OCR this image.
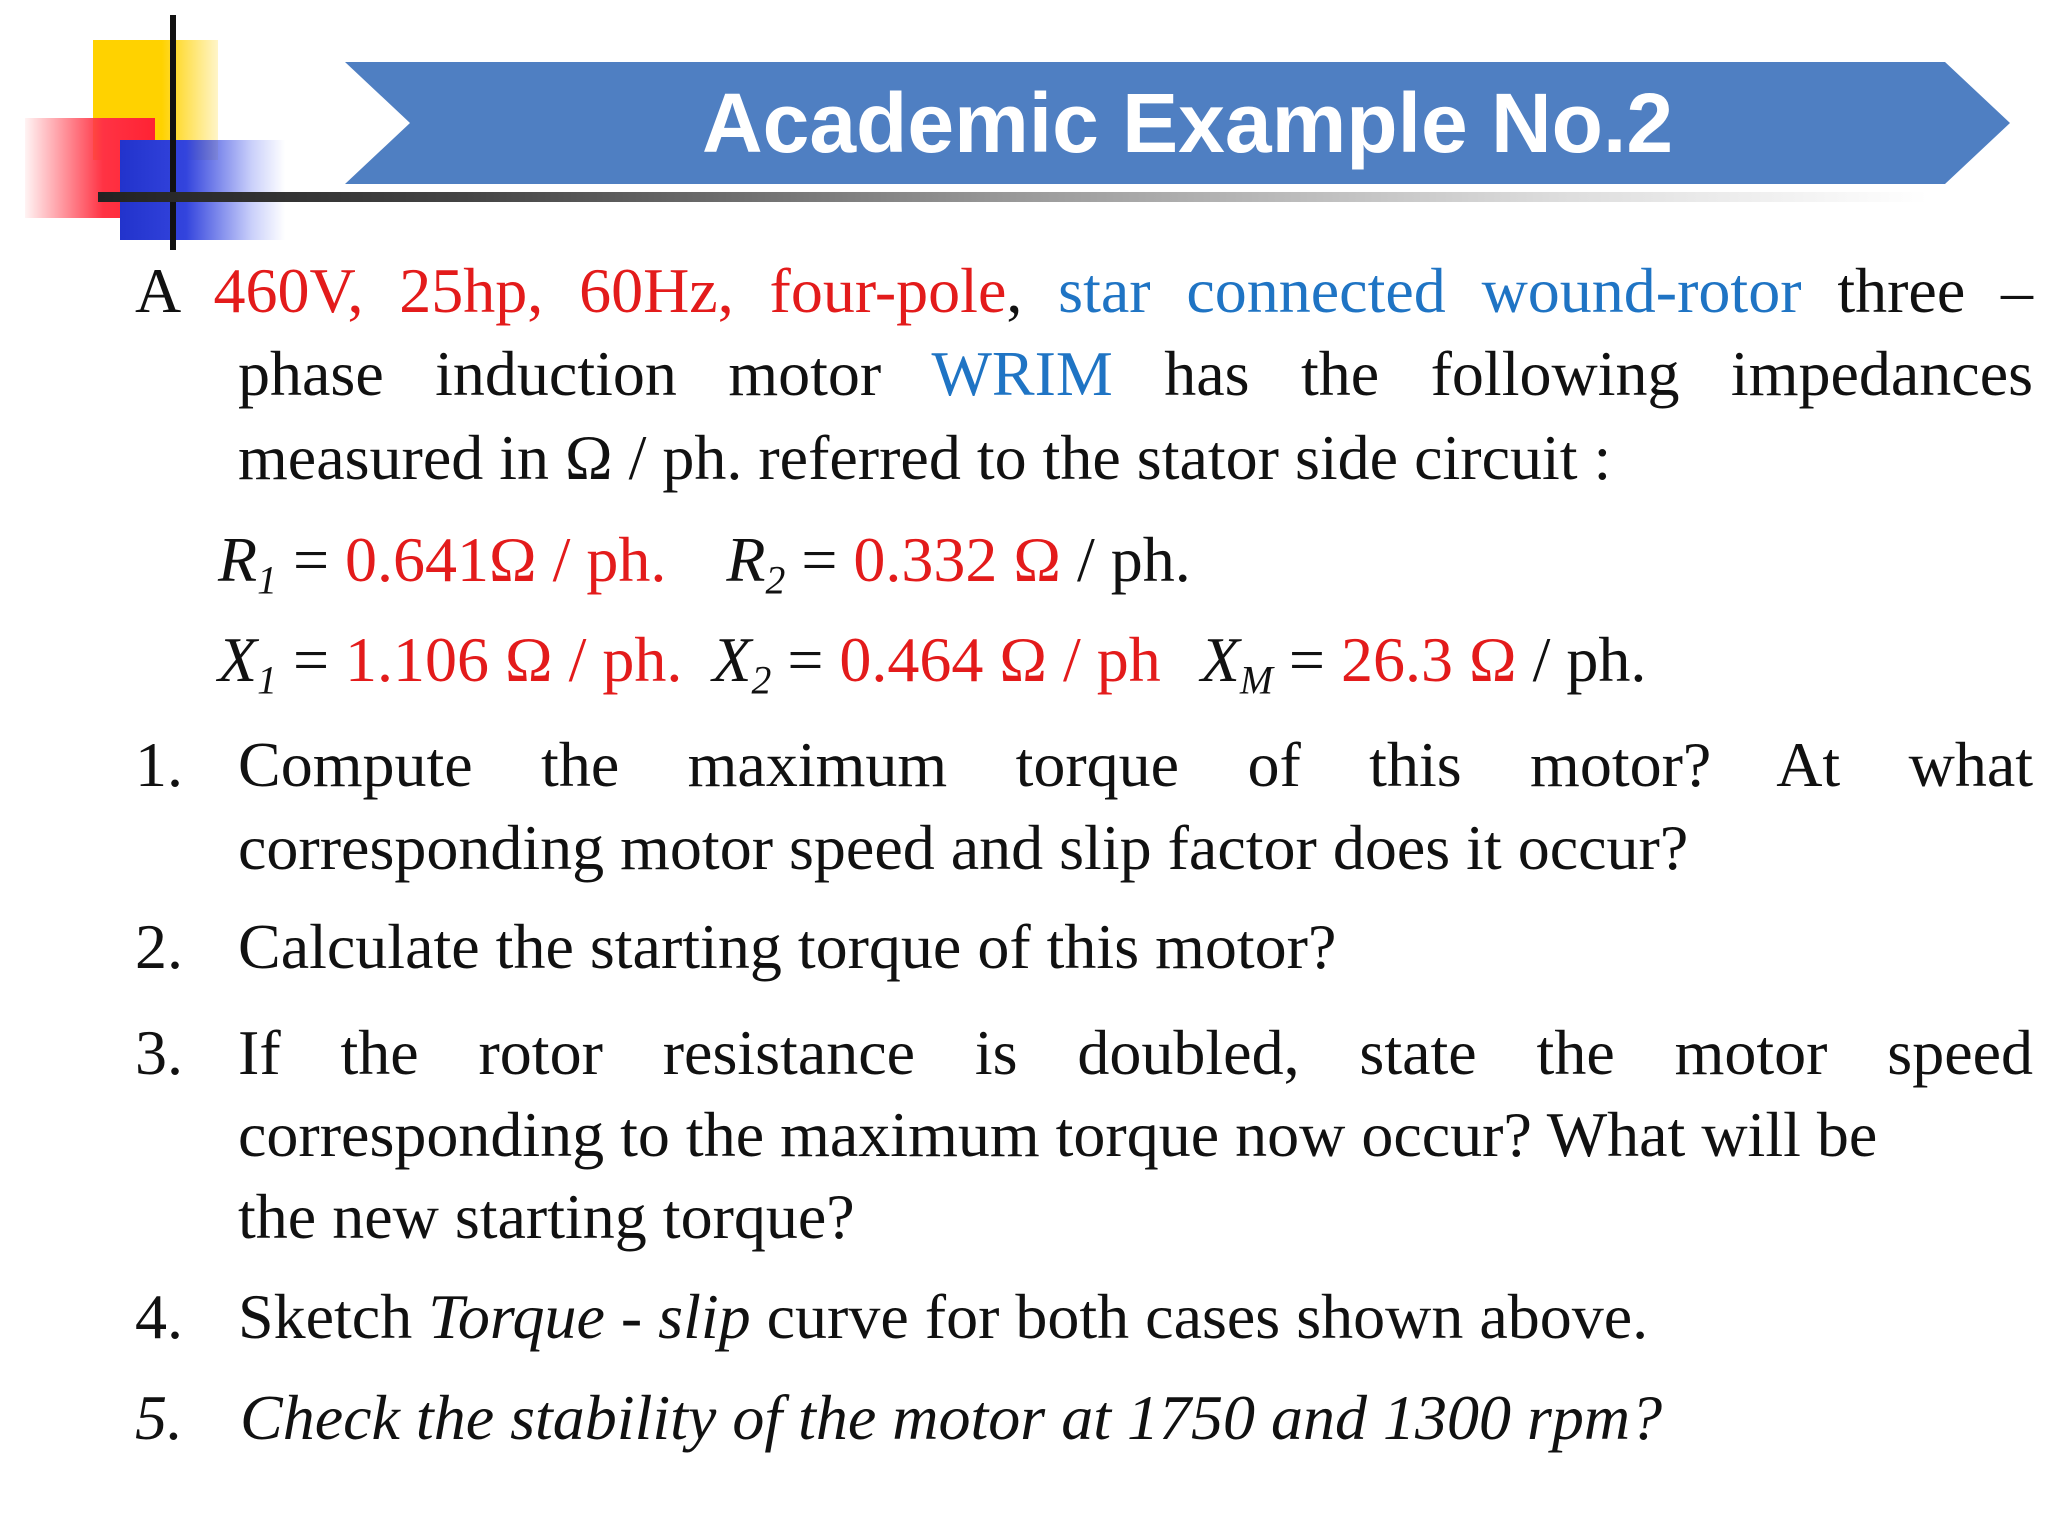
Academic Example No.2
A 460V, 25hp, 60Hz, four-pole, star connected wound-rotor three –
phase induction motor WRIM has the following impedances
measured in Ω / ph. referred to the stator side circuit :
$R_1 = 0.641\Omega$ / ph. $R_2 = 0.332$ Ω / ph.
$X_1 = 1.106$ Ω / ph. $X_2 = 0.464$ Ω / ph $X_M = 26.3$ Ω / ph.
1. Compute the maximum torque of this motor? At what
corresponding motor speed and slip factor does it occur?
2. Calculate the starting torque of this motor?
3. If the rotor resistance is doubled, state the motor speed
corresponding to the maximum torque now occur? What will be
the new starting torque?
4. Sketch Torque - slip curve for both cases shown above.
5. Check the stability of the motor at 1750 and 1300 rpm?
